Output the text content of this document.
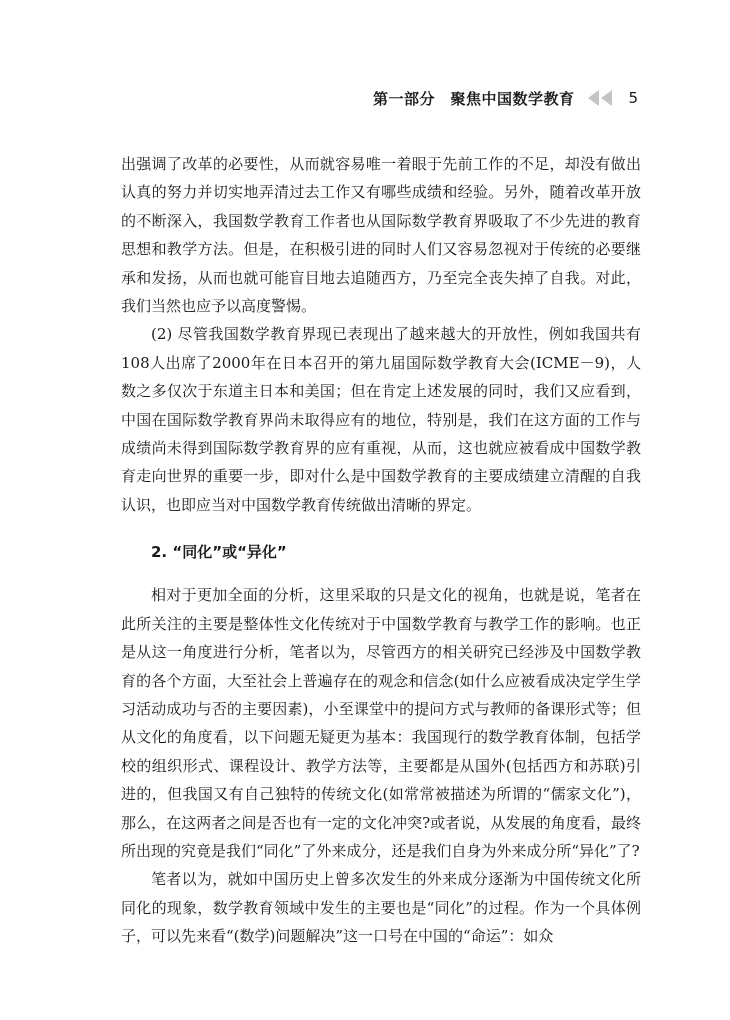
第一部分　聚焦中国数学教育	5

出强调了改革的必要性，从而就容易唯一着眼于先前工作的不足，却没有做出认真的努力并切实地弄清过去工作又有哪些成绩和经验。另外，随着改革开放的不断深入，我国数学教育工作者也从国际数学教育界吸取了不少先进的教育思想和教学方法。但是，在积极引进的同时人们又容易忽视对于传统的必要继承和发扬，从而也就可能盲目地去追随西方，乃至完全丧失掉了自我。对此，我们当然也应予以高度警惕。

(2) 尽管我国数学教育界现已表现出了越来越大的开放性，例如我国共有108人出席了2000年在日本召开的第九届国际数学教育大会(ICME－9)，人数之多仅次于东道主日本和美国；但在肯定上述发展的同时，我们又应看到，中国在国际数学教育界尚未取得应有的地位，特别是，我们在这方面的工作与成绩尚未得到国际数学教育界的应有重视，从而，这也就应被看成中国数学教育走向世界的重要一步，即对什么是中国数学教育的主要成绩建立清醒的自我认识，也即应当对中国数学教育传统做出清晰的界定。

2. “同化”或“异化”

相对于更加全面的分析，这里采取的只是文化的视角，也就是说，笔者在此所关注的主要是整体性文化传统对于中国数学教育与教学工作的影响。也正是从这一角度进行分析，笔者以为，尽管西方的相关研究已经涉及中国数学教育的各个方面，大至社会上普遍存在的观念和信念(如什么应被看成决定学生学习活动成功与否的主要因素)，小至课堂中的提问方式与教师的备课形式等；但从文化的角度看，以下问题无疑更为基本：我国现行的数学教育体制，包括学校的组织形式、课程设计、教学方法等，主要都是从国外(包括西方和苏联)引进的，但我国又有自己独特的传统文化(如常常被描述为所谓的“儒家文化”)，那么，在这两者之间是否也有一定的文化冲突?或者说，从发展的角度看，最终所出现的究竟是我们“同化”了外来成分，还是我们自身为外来成分所“异化”了?

笔者以为，就如中国历史上曾多次发生的外来成分逐渐为中国传统文化所同化的现象，数学教育领域中发生的主要也是“同化”的过程。作为一个具体例子，可以先来看“(数学)问题解决”这一口号在中国的“命运”：如众
